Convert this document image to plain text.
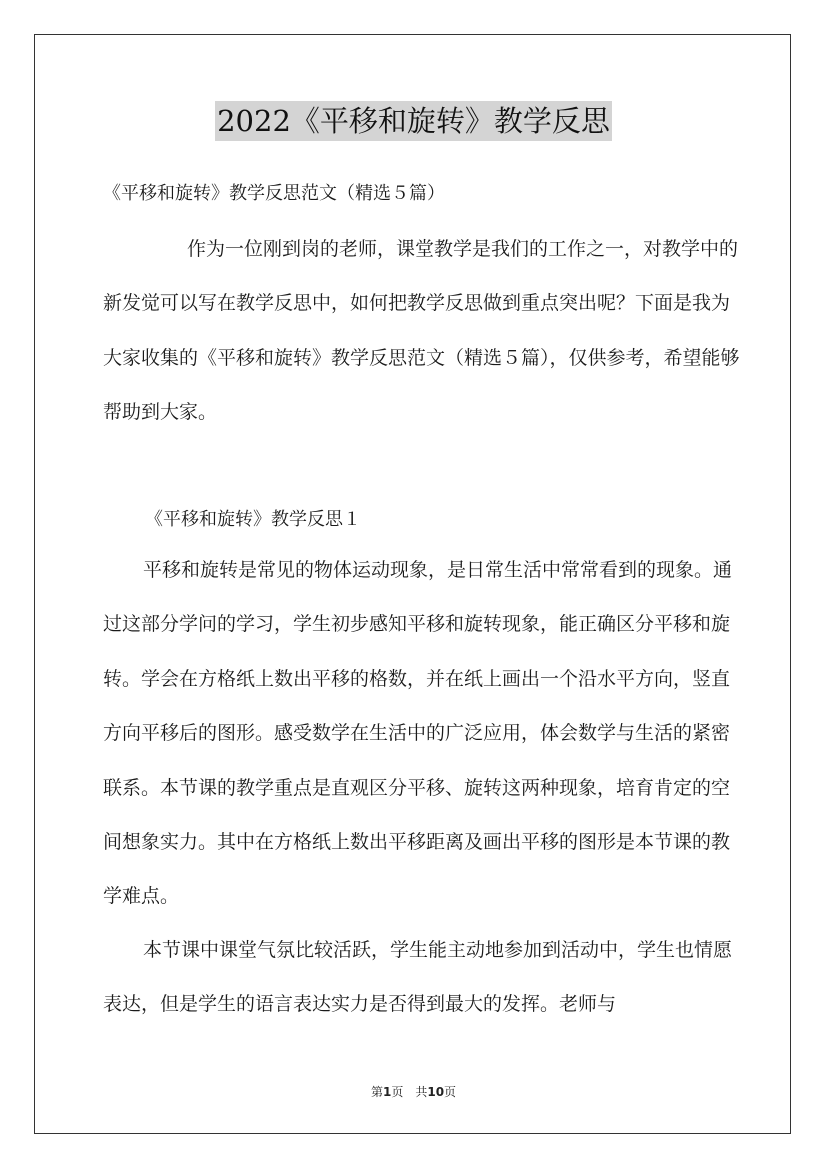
2022《平移和旋转》教学反思
《平移和旋转》教学反思范文（精选５篇）

作为一位刚到岗的老师，课堂教学是我们的工作之一，对教学中的新发觉可以写在教学反思中，如何把教学反思做到重点突出呢？下面是我为大家收集的《平移和旋转》教学反思范文（精选５篇），仅供参考，希望能够帮助到大家。

《平移和旋转》教学反思１

平移和旋转是常见的物体运动现象，是日常生活中常常看到的现象。通过这部分学问的学习，学生初步感知平移和旋转现象，能正确区分平移和旋转。学会在方格纸上数出平移的格数，并在纸上画出一个沿水平方向，竖直方向平移后的图形。感受数学在生活中的广泛应用，体会数学与生活的紧密联系。本节课的教学重点是直观区分平移、旋转这两种现象，培育肯定的空间想象实力。其中在方格纸上数出平移距离及画出平移的图形是本节课的教学难点。

本节课中课堂气氛比较活跃，学生能主动地参加到活动中，学生也情愿表达，但是学生的语言表达实力是否得到最大的发挥。老师与

第1页 共10页
